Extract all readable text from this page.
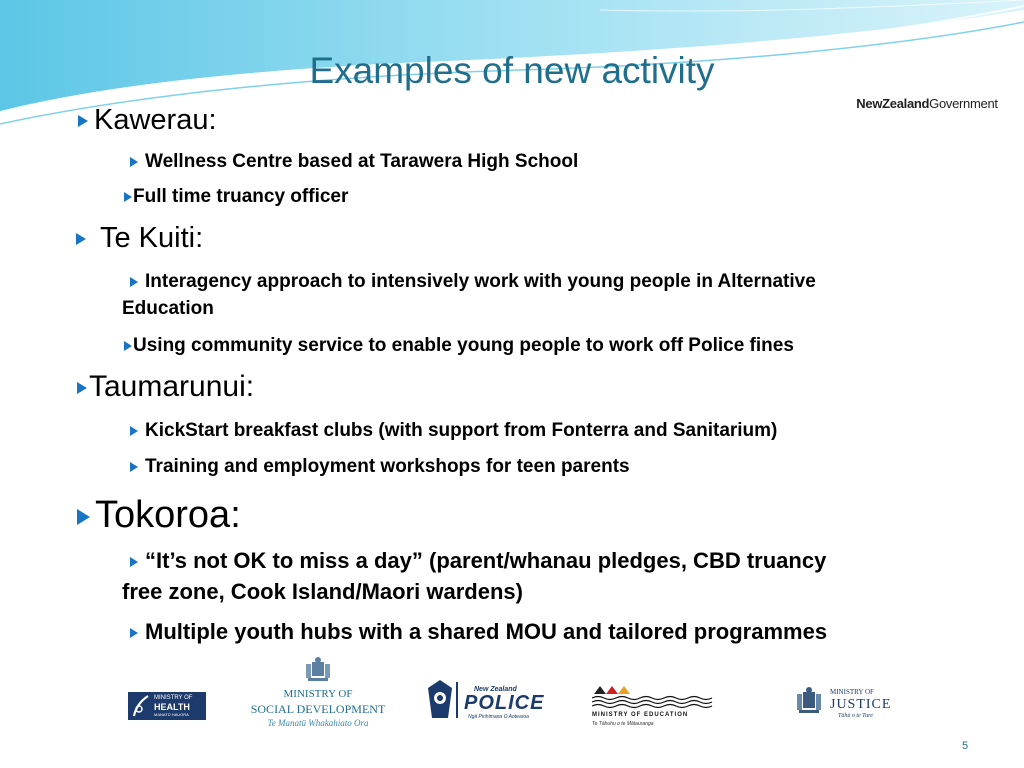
Examples of new activity
NewZealand Government
Kawerau:
Wellness Centre based at Tarawera High School
Full time truancy officer
Te Kuiti:
Interagency approach to intensively work with young people in Alternative
Education
Using community service to enable young people to work off Police fines
Taumarunui:
KickStart breakfast clubs (with support from Fonterra and Sanitarium)
Training and employment workshops for teen parents
Tokoroa:
“It’s not OK to miss a day” (parent/whanau pledges, CBD truancy
free zone, Cook Island/Maori wardens)
Multiple youth hubs with a shared MOU and tailored programmes
MINISTRY OF
HEALTH
MANATŪ HAUORA
MINISTRY OF
SOCIAL DEVELOPMENT
Te Manatū Whakahiato Ora
New Zealand
POLICE
Ngā Pirihimana O Aotearoa	MINISTRY OF EDUCATION
Te Tāhuhu o te Mātauranga
MINISTRY OF
JUSTICE
Tāhū o te Ture
5
